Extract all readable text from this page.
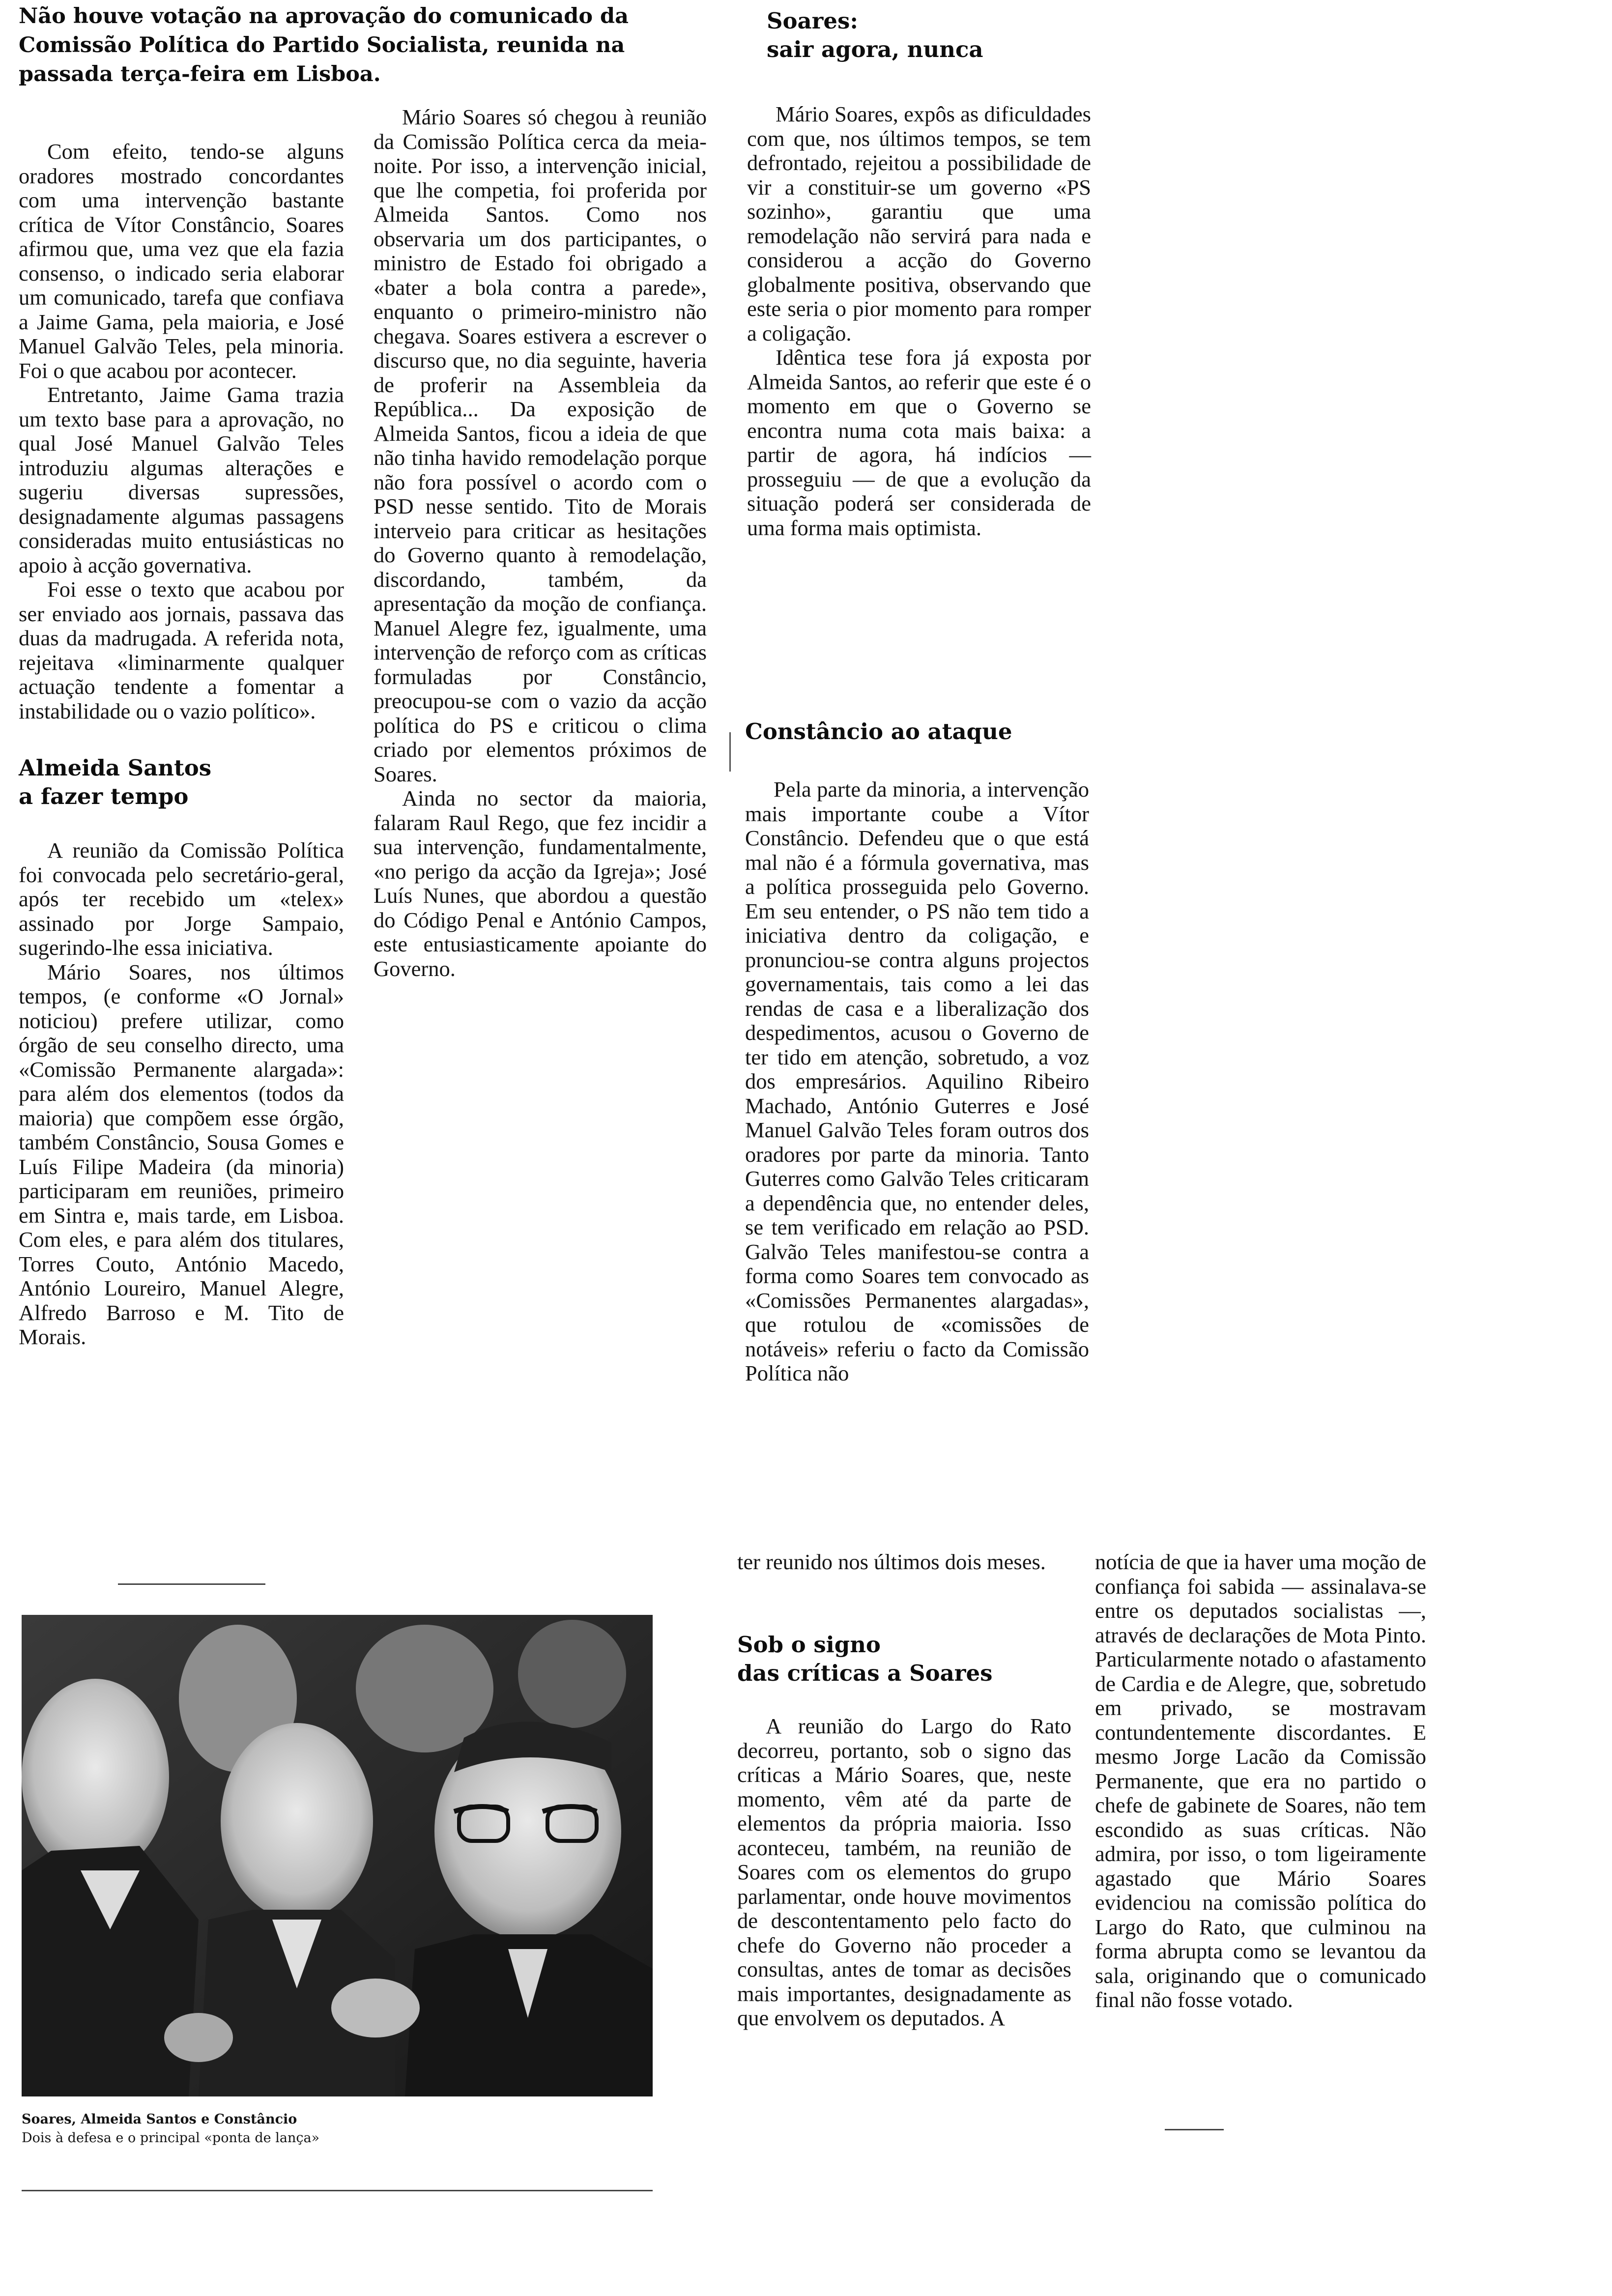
Não houve votação na aprovação do comunicado da Comissão Política do Partido Socialista, reunida na passada terça-feira em Lisboa.

Com efeito, tendo-se alguns oradores mostrado concordantes com uma intervenção bastante crítica de Vítor Constâncio, Soares afirmou que, uma vez que ela fazia consenso, o indicado seria elaborar um comunicado, tarefa que confiava a Jaime Gama, pela maioria, e José Manuel Galvão Teles, pela minoria. Foi o que acabou por acontecer.

Entretanto, Jaime Gama trazia um texto base para a aprovação, no qual José Manuel Galvão Teles introduziu algumas alterações e sugeriu diversas supressões, designadamente algumas passagens consideradas muito entusiásticas no apoio à acção governativa.

Foi esse o texto que acabou por ser enviado aos jornais, passava das duas da madrugada. A referida nota, rejeitava «liminarmente qualquer actuação tendente a fomentar a instabilidade ou o vazio político».

Almeida Santos
a fazer tempo

A reunião da Comissão Política foi convocada pelo secretário-geral, após ter recebido um «telex» assinado por Jorge Sampaio, sugerindo-lhe essa iniciativa.

Mário Soares, nos últimos tempos, (e conforme «O Jornal» noticiou) prefere utilizar, como órgão de seu conselho directo, uma «Comissão Permanente alargada»: para além dos elementos (todos da maioria) que compõem esse órgão, também Constâncio, Sousa Gomes e Luís Filipe Madeira (da minoria) participaram em reuniões, primeiro em Sintra e, mais tarde, em Lisboa. Com eles, e para além dos titulares, Torres Couto, António Macedo, António Loureiro, Manuel Alegre, Alfredo Barroso e M. Tito de Morais.

Mário Soares só chegou à reunião da Comissão Política cerca da meia-noite. Por isso, a intervenção inicial, que lhe competia, foi proferida por Almeida Santos. Como nos observaria um dos participantes, o ministro de Estado foi obrigado a «bater a bola contra a parede», enquanto o primeiro-ministro não chegava. Soares estivera a escrever o discurso que, no dia seguinte, haveria de proferir na Assembleia da República... Da exposição de Almeida Santos, ficou a ideia de que não tinha havido remodelação porque não fora possível o acordo com o PSD nesse sentido. Tito de Morais interveio para criticar as hesitações do Governo quanto à remodelação, discordando, também, da apresentação da moção de confiança. Manuel Alegre fez, igualmente, uma intervenção de reforço com as críticas formuladas por Constâncio, preocupou-se com o vazio da acção política do PS e criticou o clima criado por elementos próximos de Soares.

Ainda no sector da maioria, falaram Raul Rego, que fez incidir a sua intervenção, fundamentalmente, «no perigo da acção da Igreja»; José Luís Nunes, que abordou a questão do Código Penal e António Campos, este entusiasticamente apoiante do Governo.

Soares:
sair agora, nunca

Mário Soares, expôs as dificuldades com que, nos últimos tempos, se tem defrontado, rejeitou a possibilidade de vir a constituir-se um governo «PS sozinho», garantiu que uma remodelação não servirá para nada e considerou a acção do Governo globalmente positiva, observando que este seria o pior momento para romper a coligação.

Idêntica tese fora já exposta por Almeida Santos, ao referir que este é o momento em que o Governo se encontra numa cota mais baixa: a partir de agora, há indícios — prosseguiu — de que a evolução da situação poderá ser considerada de uma forma mais optimista.

Constâncio ao ataque

Pela parte da minoria, a intervenção mais importante coube a Vítor Constâncio. Defendeu que o que está mal não é a fórmula governativa, mas a política prosseguida pelo Governo. Em seu entender, o PS não tem tido a iniciativa dentro da coligação, e pronunciou-se contra alguns projectos governamentais, tais como a lei das rendas de casa e a liberalização dos despedimentos, acusou o Governo de ter tido em atenção, sobretudo, a voz dos empresários. Aquilino Ribeiro Machado, António Guterres e José Manuel Galvão Teles foram outros dos oradores por parte da minoria. Tanto Guterres como Galvão Teles criticaram a dependência que, no entender deles, se tem verificado em relação ao PSD. Galvão Teles manifestou-se contra a forma como Soares tem convocado as «Comissões Permanentes alargadas», que rotulou de «comissões de notáveis» referiu o facto da Comissão Política não

ter reunido nos últimos dois meses.

Sob o signo
das críticas a Soares

A reunião do Largo do Rato decorreu, portanto, sob o signo das críticas a Mário Soares, que, neste momento, vêm até da parte de elementos da própria maioria. Isso aconteceu, também, na reunião de Soares com os elementos do grupo parlamentar, onde houve movimentos de descontentamento pelo facto do chefe do Governo não proceder a consultas, antes de tomar as decisões mais importantes, designadamente as que envolvem os deputados. A

notícia de que ia haver uma moção de confiança foi sabida — assinalava-se entre os deputados socialistas —, através de declarações de Mota Pinto. Particularmente notado o afastamento de Cardia e de Alegre, que, sobretudo em privado, se mostravam contundentemente discordantes. E mesmo Jorge Lacão da Comissão Permanente, que era no partido o chefe de gabinete de Soares, não tem escondido as suas críticas. Não admira, por isso, o tom ligeiramente agastado que Mário Soares evidenciou na comissão política do Largo do Rato, que culminou na forma abrupta como se levantou da sala, originando que o comunicado final não fosse votado.

Soares, Almeida Santos e Constâncio
Dois à defesa e o principal «ponta de lança»
